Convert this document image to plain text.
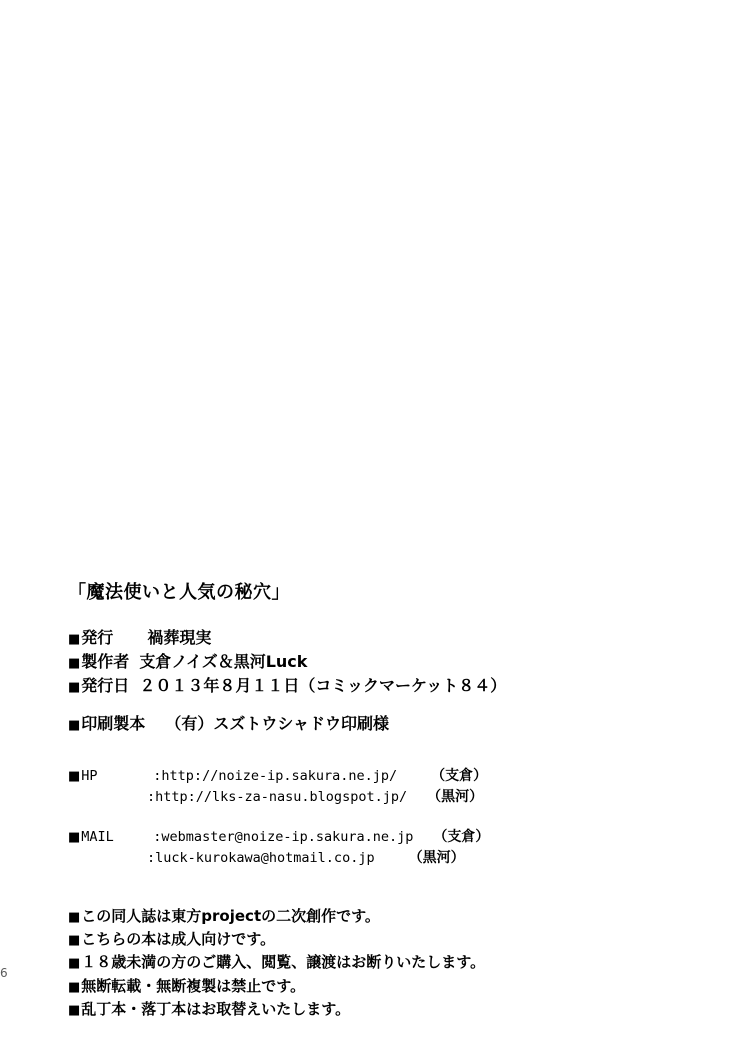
6
「魔法使いと人気の秘穴」
■ 発行 禍葬現実
■ 製作者 支倉ノイズ＆黒河Luck
■ 発行日 ２０１３年８月１１日（コミックマーケット８４）
■ 印刷製本 （有）スズトウシャドウ印刷様
■ HP	:http://noize-ip.sakura.ne.jp/ （支倉）
:http://lks-za-nasu.blogspot.jp/ （黒河）
■ MAIL	:webmaster@noize-ip.sakura.ne.jp （支倉）
:luck-kurokawa@hotmail.co.jp （黒河）
■ この同人誌は東方projectの二次創作です。
■ こちらの本は成人向けです。
■ １８歳未満の方のご購入、閲覧、譲渡はお断りいたします。
■ 無断転載・無断複製は禁止です。
■ 乱丁本・落丁本はお取替えいたします。
